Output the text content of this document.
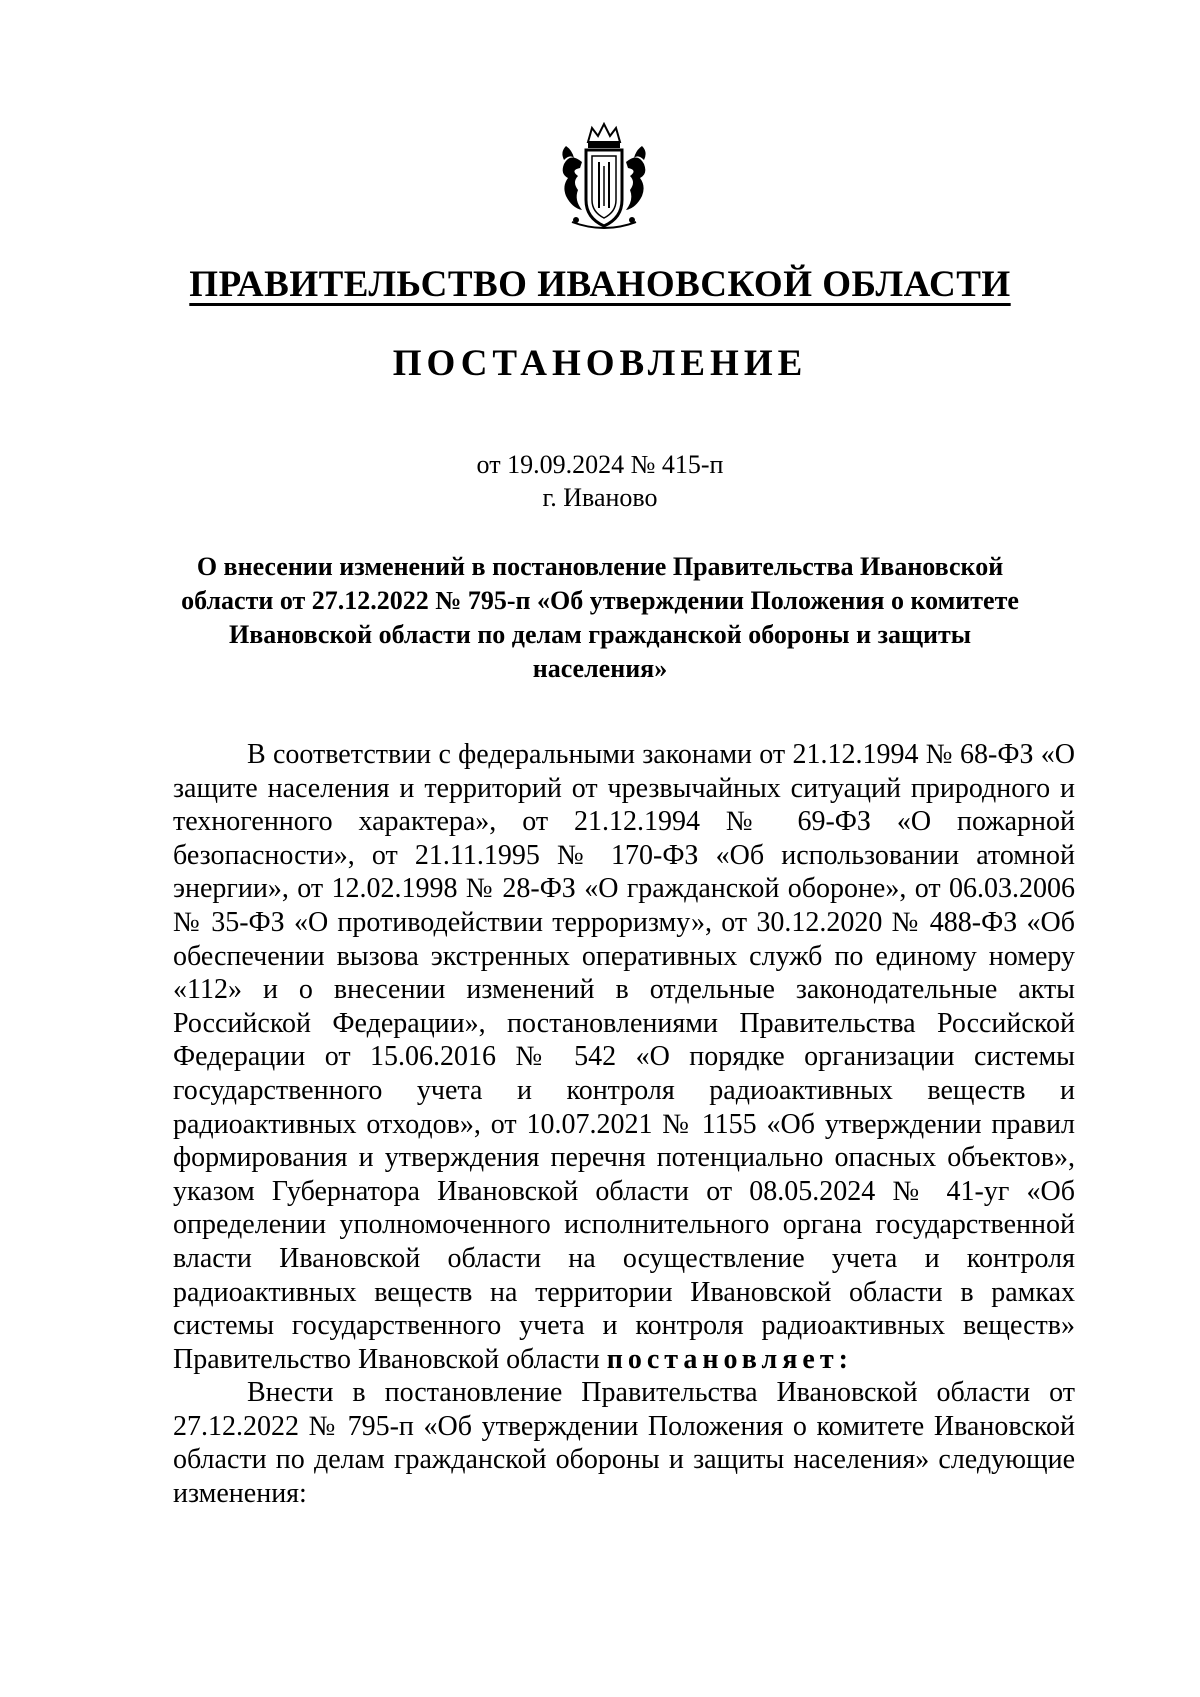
ПРАВИТЕЛЬСТВО ИВАНОВСКОЙ ОБЛАСТИ
ПОСТАНОВЛЕНИЕ
от 19.09.2024 № 415-п
г. Иваново
О внесении изменений в постановление Правительства Ивановской области от 27.12.2022 № 795-п «Об утверждении Положения о комитете Ивановской области по делам гражданской обороны и защиты населения»

В соответствии с федеральными законами от 21.12.1994 № 68-ФЗ «О защите населения и территорий от чрезвычайных ситуаций природного и техногенного характера», от 21.12.1994 № 69-ФЗ «О пожарной безопасности», от 21.11.1995 № 170-ФЗ «Об использовании атомной энергии», от 12.02.1998 № 28-ФЗ «О гражданской обороне», от 06.03.2006 № 35-ФЗ «О противодействии терроризму», от 30.12.2020 № 488-ФЗ «Об обеспечении вызова экстренных оперативных служб по единому номеру «112» и о внесении изменений в отдельные законодательные акты Российской Федерации», постановлениями Правительства Российской Федерации от 15.06.2016 № 542 «О порядке организации системы государственного учета и контроля радиоактивных веществ и радиоактивных отходов», от 10.07.2021 № 1155 «Об утверждении правил формирования и утверждения перечня потенциально опасных объектов», указом Губернатора Ивановской области от 08.05.2024 № 41-уг «Об определении уполномоченного исполнительного органа государственной власти Ивановской области на осуществление учета и контроля радиоактивных веществ на территории Ивановской области в рамках системы государственного учета и контроля радиоактивных веществ» Правительство Ивановской области постановляет:

Внести в постановление Правительства Ивановской области от 27.12.2022 № 795-п «Об утверждении Положения о комитете Ивановской области по делам гражданской обороны и защиты населения» следующие изменения:
